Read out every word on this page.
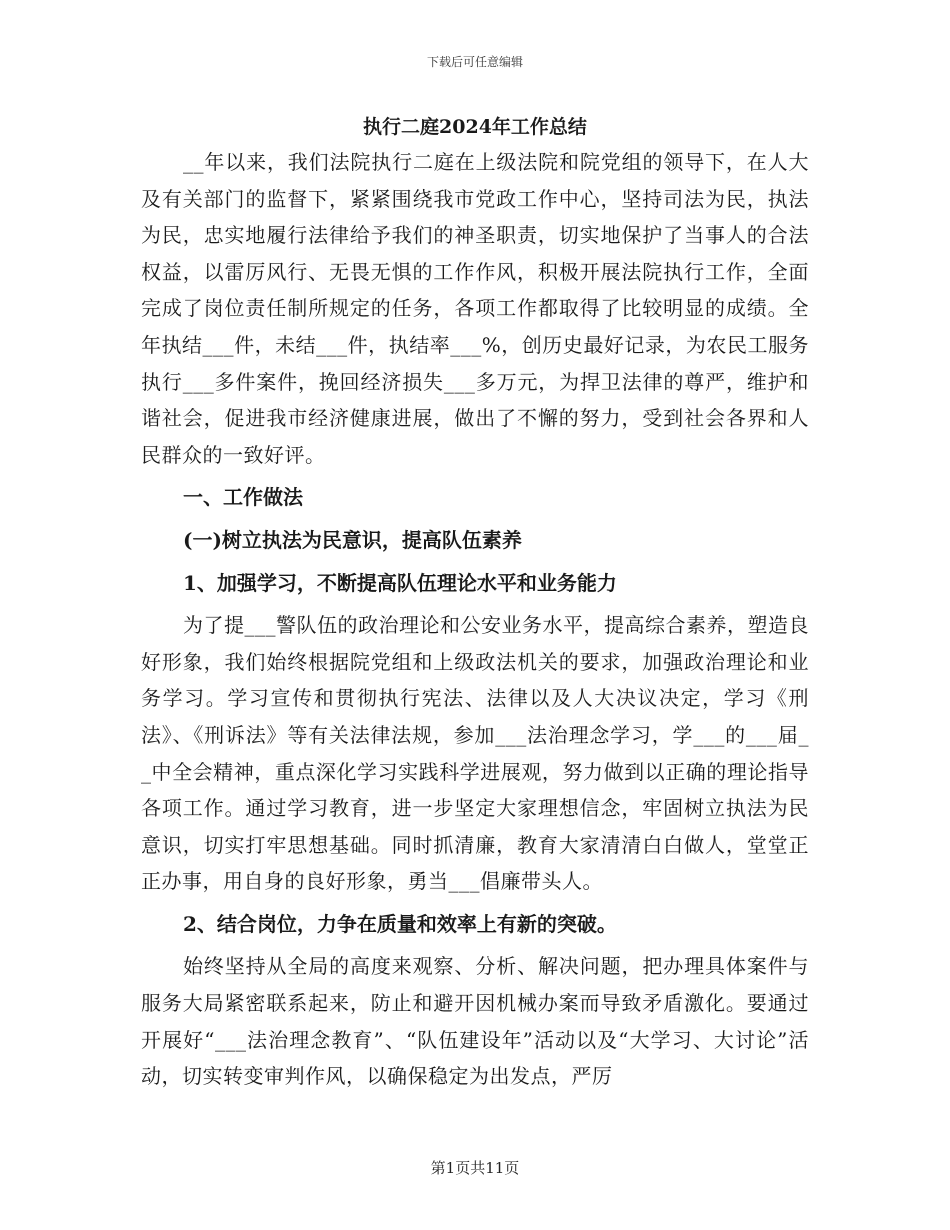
下载后可任意编辑
执行二庭2024年工作总结

__年以来，我们法院执行二庭在上级法院和院党组的领导下，在人大及有关部门的监督下，紧紧围绕我市党政工作中心，坚持司法为民，执法为民，忠实地履行法律给予我们的神圣职责，切实地保护了当事人的合法权益，以雷厉风行、无畏无惧的工作作风，积极开展法院执行工作，全面完成了岗位责任制所规定的任务，各项工作都取得了比较明显的成绩。全年执结___件，未结___件，执结率___%，创历史最好记录，为农民工服务执行___多件案件，挽回经济损失___多万元，为捍卫法律的尊严，维护和谐社会，促进我市经济健康进展，做出了不懈的努力，受到社会各界和人民群众的一致好评。

一、工作做法
(一)树立执法为民意识，提高队伍素养
1、加强学习，不断提高队伍理论水平和业务能力

为了提___警队伍的政治理论和公安业务水平，提高综合素养，塑造良好形象，我们始终根据院党组和上级政法机关的要求，加强政治理论和业务学习。学习宣传和贯彻执行宪法、法律以及人大决议决定，学习《刑法》、《刑诉法》等有关法律法规，参加___法治理念学习，学___的___届__中全会精神，重点深化学习实践科学进展观，努力做到以正确的理论指导各项工作。通过学习教育，进一步坚定大家理想信念，牢固树立执法为民意识，切实打牢思想基础。同时抓清廉，教育大家清清白白做人，堂堂正正办事，用自身的良好形象，勇当___倡廉带头人。

2、结合岗位，力争在质量和效率上有新的突破。

始终坚持从全局的高度来观察、分析、解决问题，把办理具体案件与服务大局紧密联系起来，防止和避开因机械办案而导致矛盾激化。要通过开展好“___法治理念教育”、“队伍建设年”活动以及“大学习、大讨论”活动，切实转变审判作风，以确保稳定为出发点，严厉

第1页共11页
